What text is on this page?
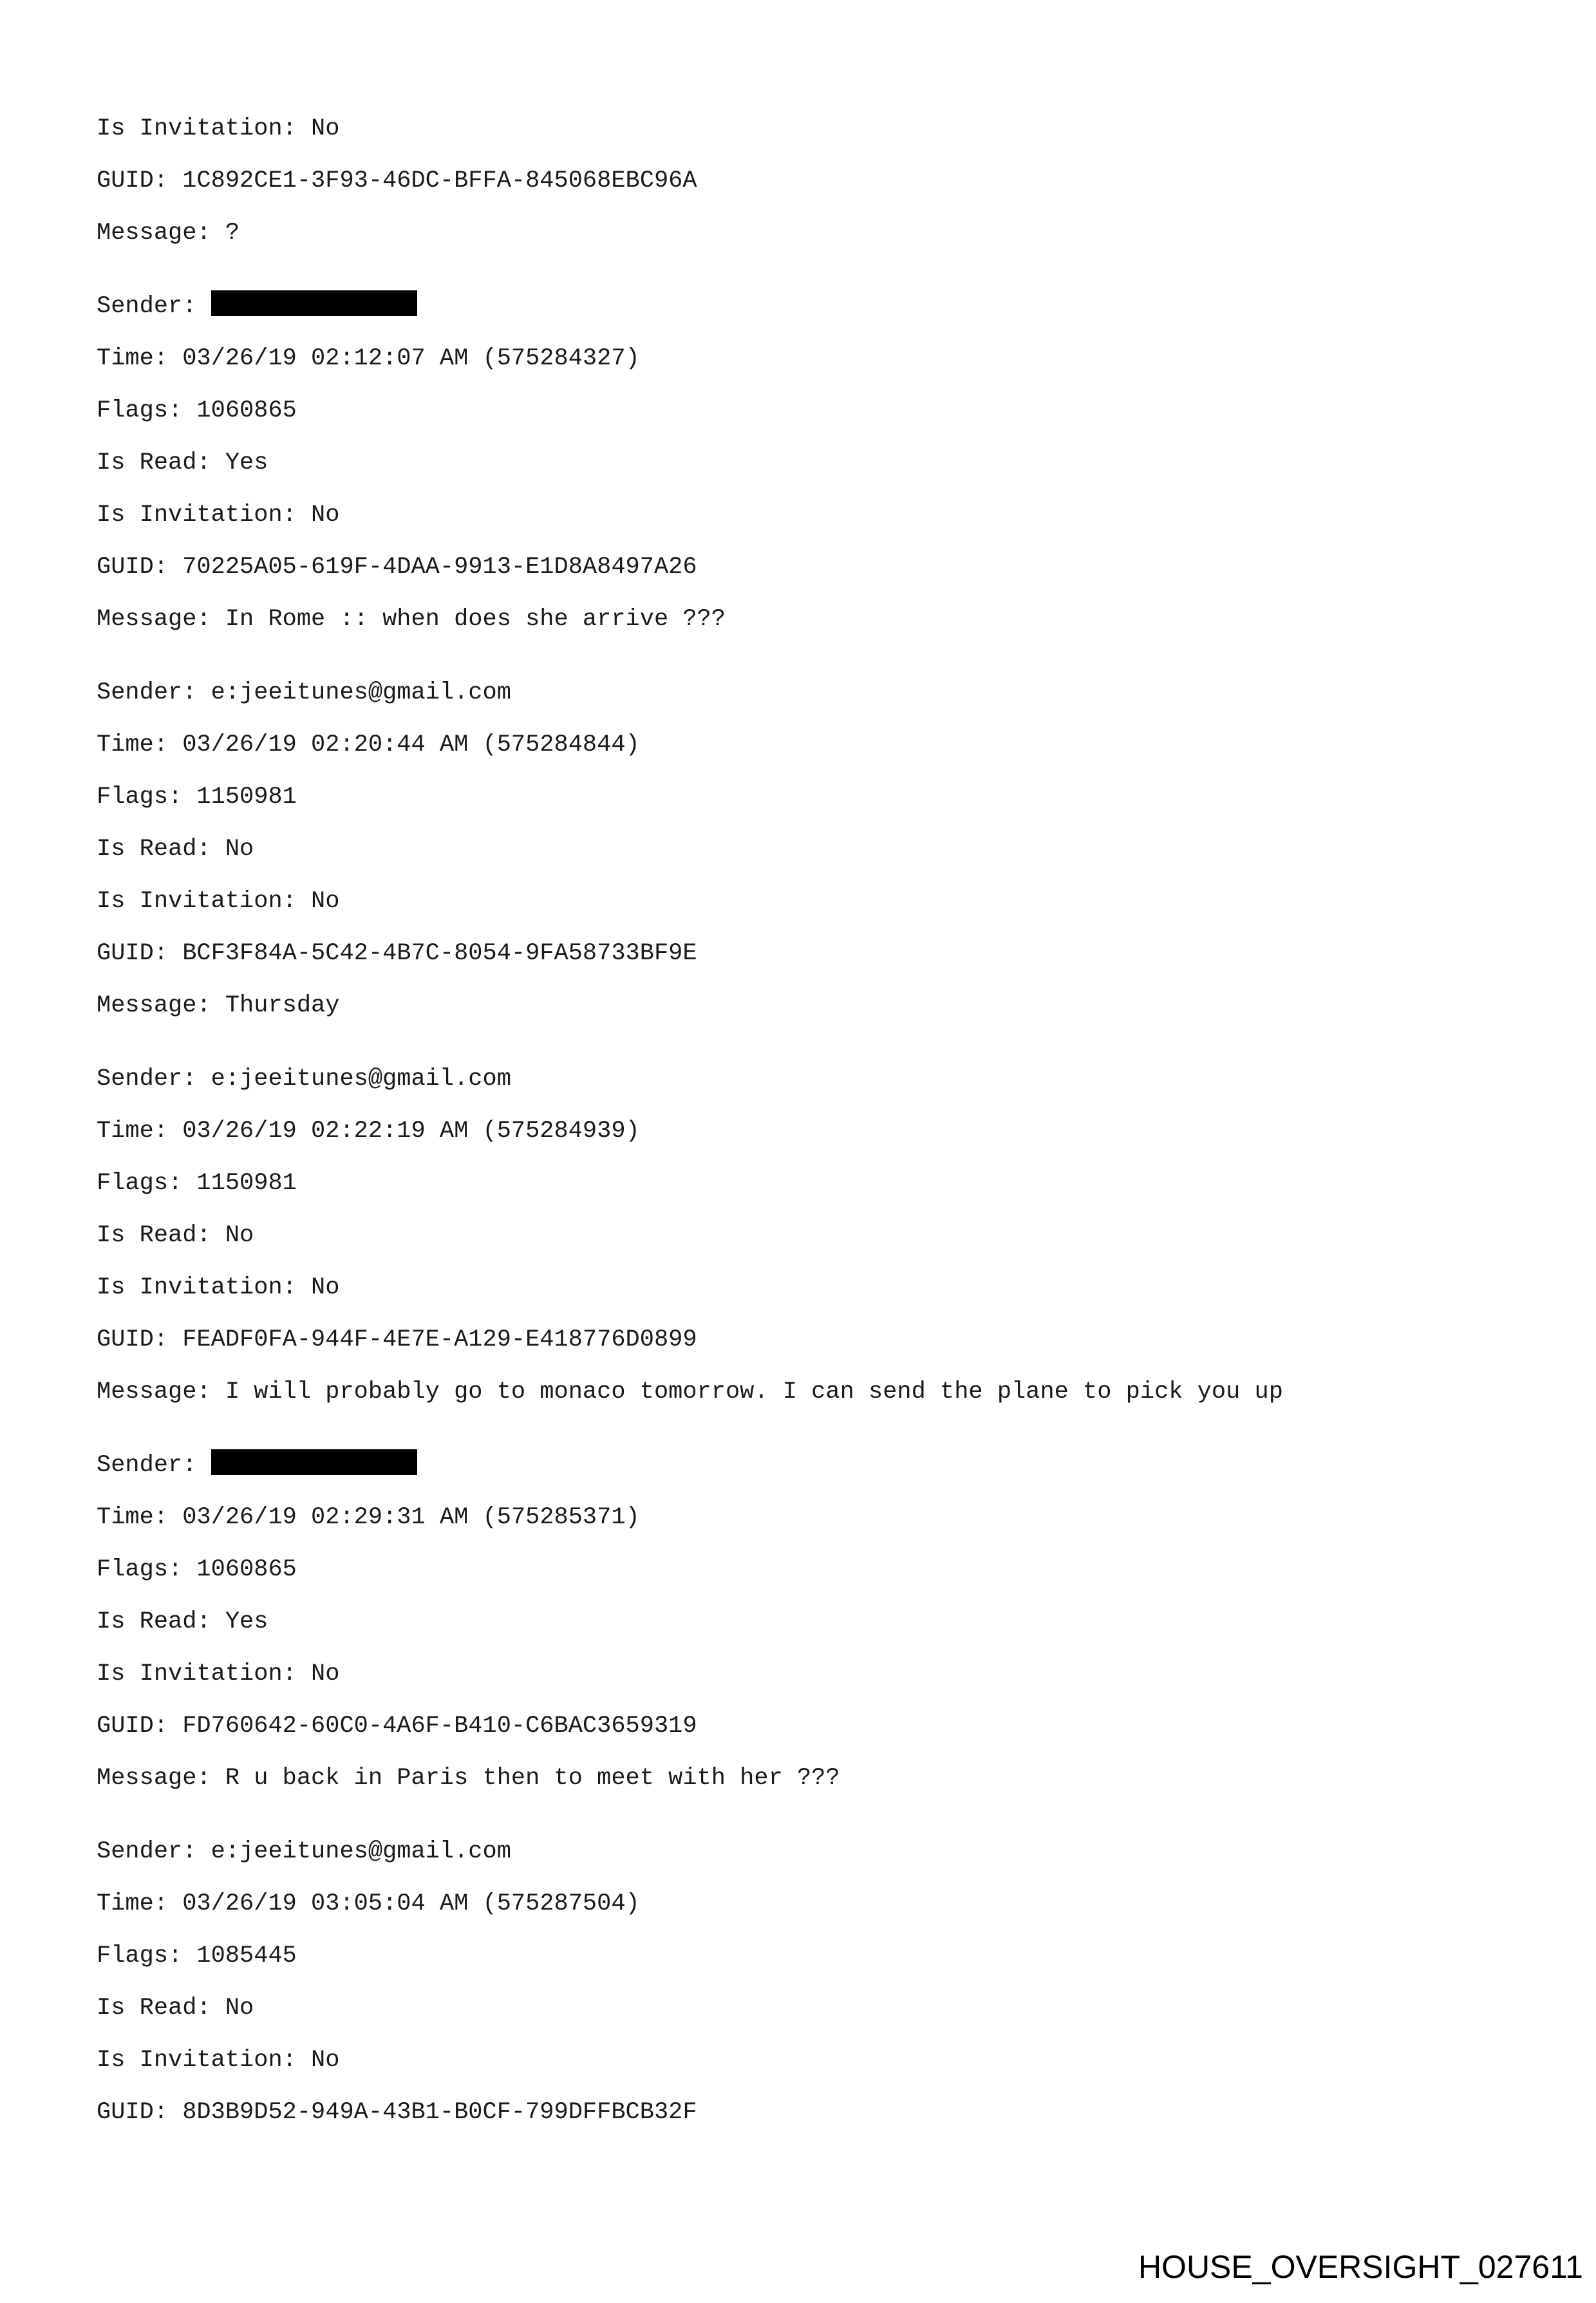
Is Invitation: No
GUID: 1C892CE1-3F93-46DC-BFFA-845068EBC96A
Message: ?
Sender:
Time: 03/26/19 02:12:07 AM (575284327)
Flags: 1060865
Is Read: Yes
Is Invitation: No
GUID: 70225A05-619F-4DAA-9913-E1D8A8497A26
Message: In Rome :: when does she arrive ???
Sender: e:jeeitunes@gmail.com
Time: 03/26/19 02:20:44 AM (575284844)
Flags: 1150981
Is Read: No
Is Invitation: No
GUID: BCF3F84A-5C42-4B7C-8054-9FA58733BF9E
Message: Thursday
Sender: e:jeeitunes@gmail.com
Time: 03/26/19 02:22:19 AM (575284939)
Flags: 1150981
Is Read: No
Is Invitation: No
GUID: FEADF0FA-944F-4E7E-A129-E418776D0899
Message: I will probably go to monaco tomorrow. I can send the plane to pick you up
Sender:
Time: 03/26/19 02:29:31 AM (575285371)
Flags: 1060865
Is Read: Yes
Is Invitation: No
GUID: FD760642-60C0-4A6F-B410-C6BAC3659319
Message: R u back in Paris then to meet with her ???
Sender: e:jeeitunes@gmail.com
Time: 03/26/19 03:05:04 AM (575287504)
Flags: 1085445
Is Read: No
Is Invitation: No
GUID: 8D3B9D52-949A-43B1-B0CF-799DFFBCB32F
HOUSE_OVERSIGHT_027611
